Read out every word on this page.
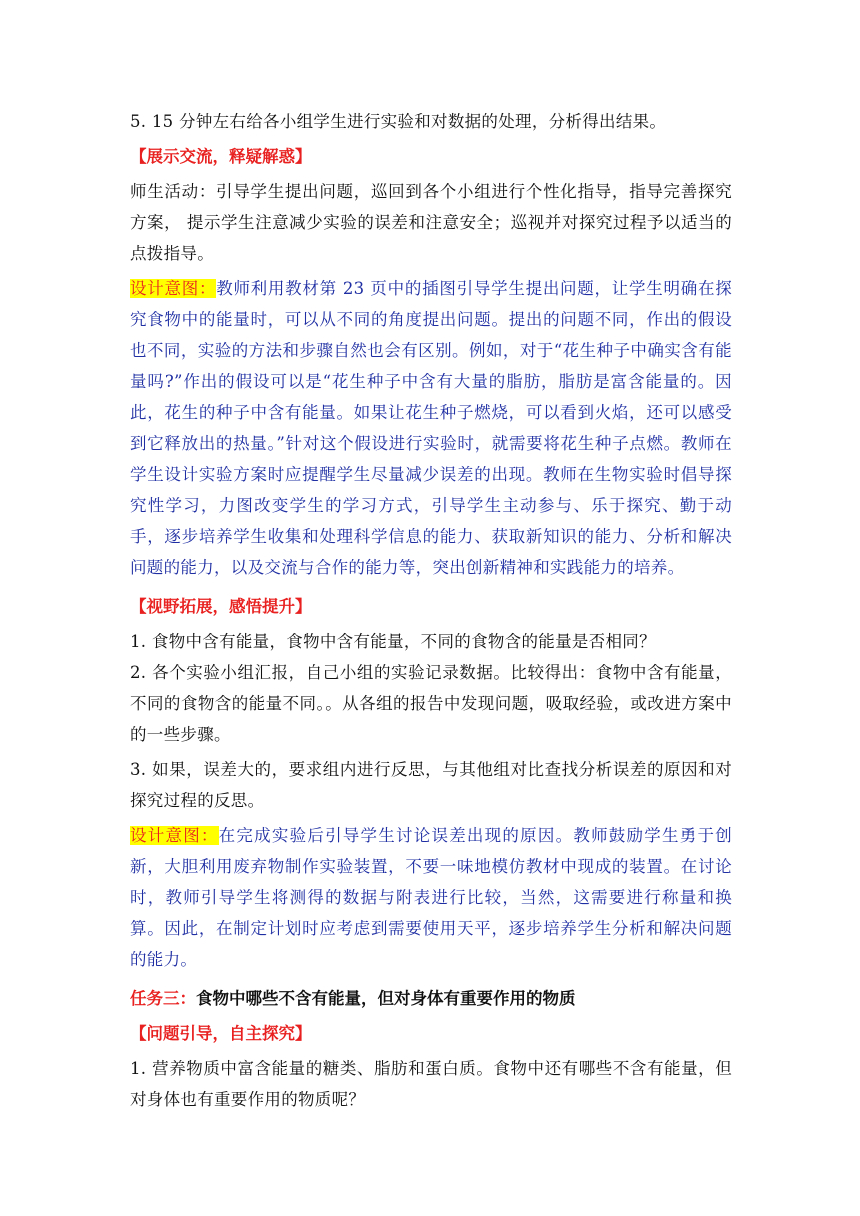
5. 15 分钟左右给各小组学生进行实验和对数据的处理，分析得出结果。

【展示交流，释疑解惑】

师生活动：引导学生提出问题，巡回到各个小组进行个性化指导，指导完善探究方案， 提示学生注意减少实验的误差和注意安全；巡视并对探究过程予以适当的点拨指导。

设计意图：教师利用教材第 23 页中的插图引导学生提出问题，让学生明确在探究食物中的能量时，可以从不同的角度提出问题。提出的问题不同，作出的假设也不同，实验的方法和步骤自然也会有区别。例如，对于“花生种子中确实含有能量吗?”作出的假设可以是“花生种子中含有大量的脂肪，脂肪是富含能量的。因此，花生的种子中含有能量。如果让花生种子燃烧，可以看到火焰，还可以感受到它释放出的热量。”针对这个假设进行实验时，就需要将花生种子点燃。教师在学生设计实验方案时应提醒学生尽量减少误差的出现。教师在生物实验时倡导探究性学习，力图改变学生的学习方式，引导学生主动参与、乐于探究、勤于动手，逐步培养学生收集和处理科学信息的能力、获取新知识的能力、分析和解决问题的能力，以及交流与合作的能力等，突出创新精神和实践能力的培养。

【视野拓展，感悟提升】

1. 食物中含有能量，食物中含有能量，不同的食物含的能量是否相同？

2. 各个实验小组汇报，自己小组的实验记录数据。比较得出：食物中含有能量，不同的食物含的能量不同。。从各组的报告中发现问题，吸取经验，或改进方案中的一些步骤。

3. 如果，误差大的，要求组内进行反思，与其他组对比查找分析误差的原因和对探究过程的反思。

设计意图：在完成实验后引导学生讨论误差出现的原因。教师鼓励学生勇于创新，大胆利用废弃物制作实验装置，不要一味地模仿教材中现成的装置。在讨论时，教师引导学生将测得的数据与附表进行比较，当然，这需要进行称量和换算。因此，在制定计划时应考虑到需要使用天平，逐步培养学生分析和解决问题的能力。

任务三：食物中哪些不含有能量，但对身体有重要作用的物质

【问题引导，自主探究】

1. 营养物质中富含能量的糖类、脂肪和蛋白质。食物中还有哪些不含有能量，但对身体也有重要作用的物质呢？
